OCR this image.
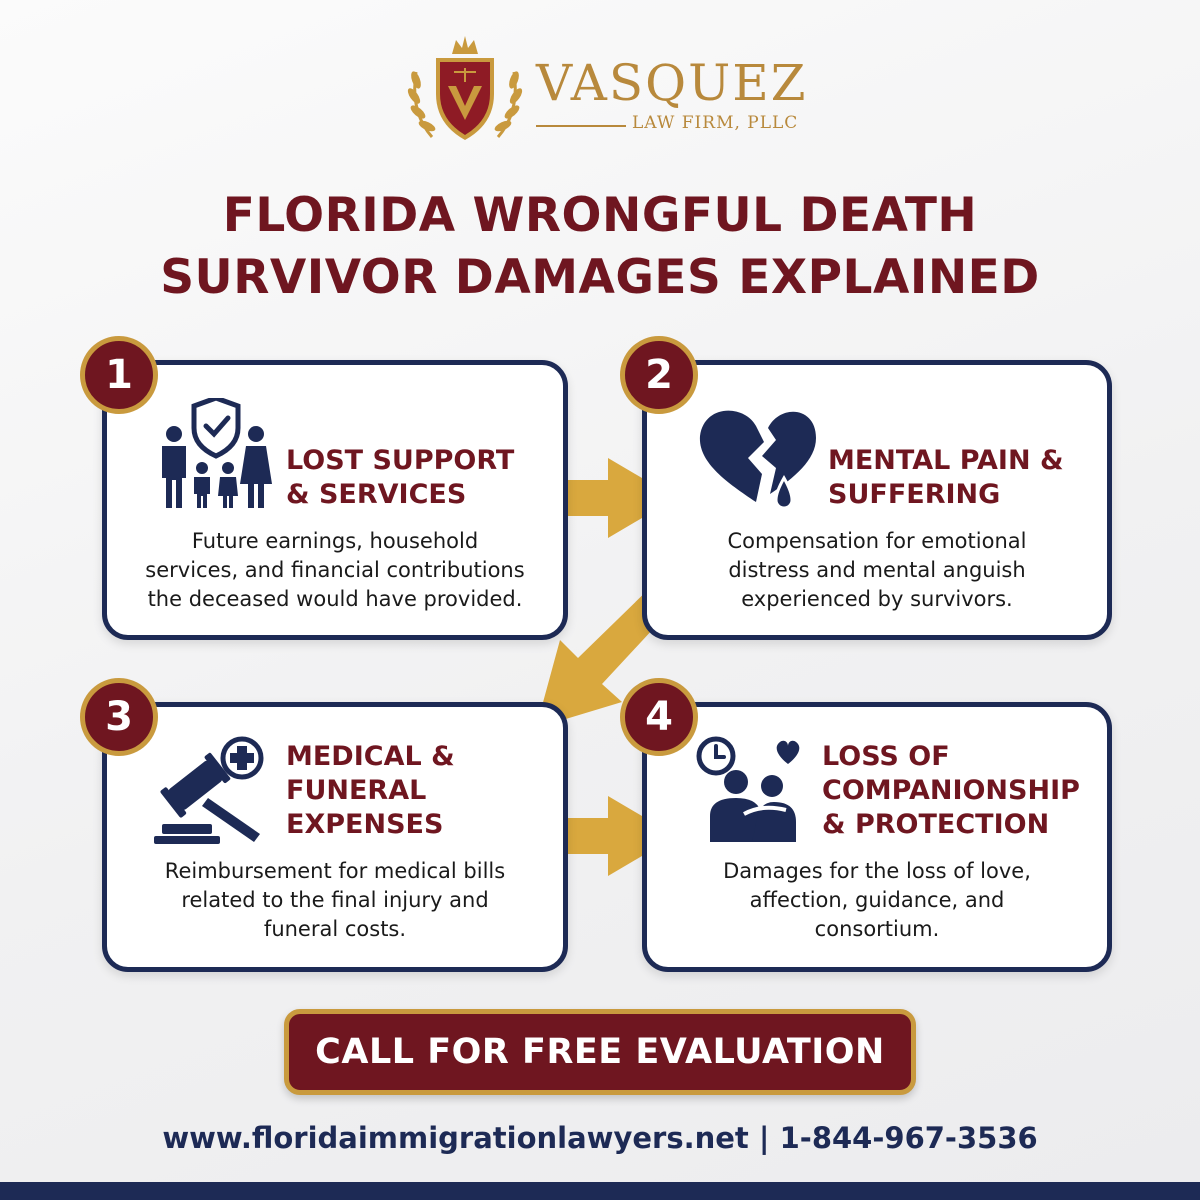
VASQUEZ
LAW FIRM, PLLC
FLORIDA WRONGFUL DEATH
SURVIVOR DAMAGES EXPLAINED
1
LOST SUPPORT
& SERVICES
Future earnings, household
services, and financial contributions
the deceased would have provided.
2
MENTAL PAIN &
SUFFERING
Compensation for emotional
distress and mental anguish
experienced by survivors.
3
MEDICAL &
FUNERAL
EXPENSES
Reimbursement for medical bills
related to the final injury and
funeral costs.
4
LOSS OF
COMPANIONSHIP
& PROTECTION
Damages for the loss of love,
affection, guidance, and
consortium.
CALL FOR FREE EVALUATION
www.floridaimmigrationlawyers.net | 1-844-967-3536
